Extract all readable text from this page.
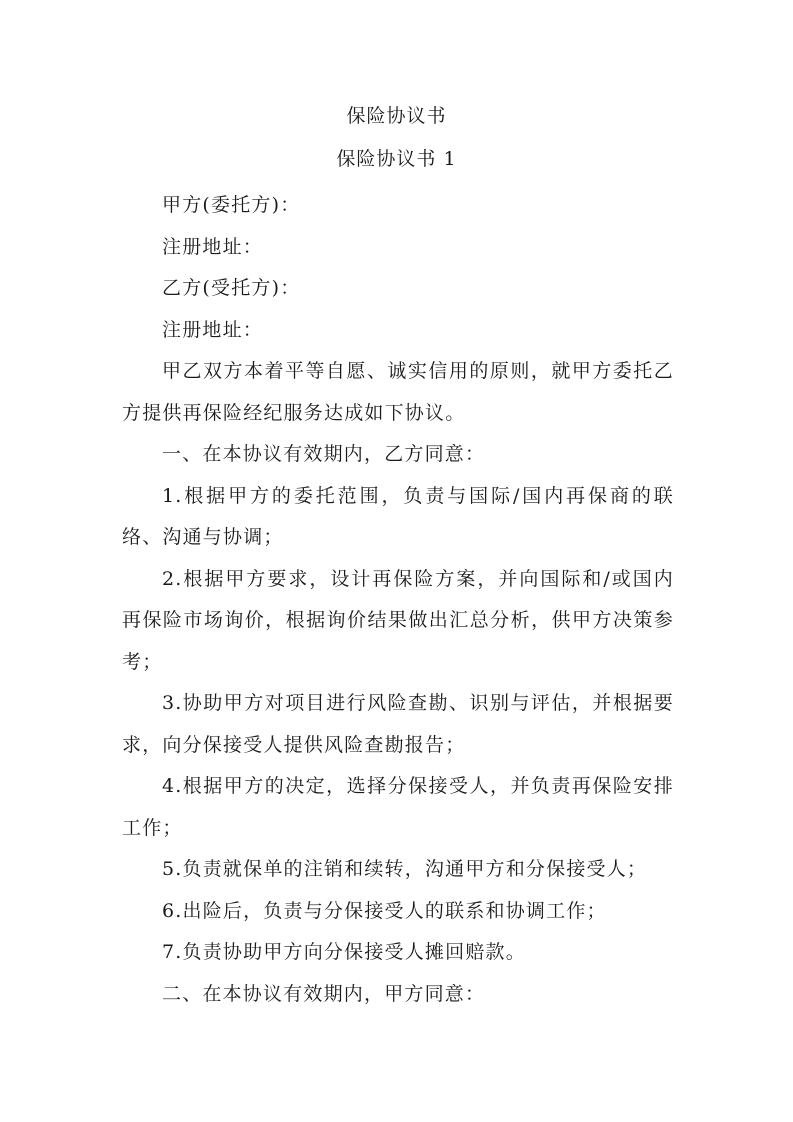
保险协议书
保险协议书 1

甲方(委托方)：

注册地址：

乙方(受托方)：

注册地址：

甲乙双方本着平等自愿、诚实信用的原则，就甲方委托乙方提供再保险经纪服务达成如下协议。

一、在本协议有效期内，乙方同意：

1.根据甲方的委托范围，负责与国际/国内再保商的联络、沟通与协调；

2.根据甲方要求，设计再保险方案，并向国际和/或国内再保险市场询价，根据询价结果做出汇总分析，供甲方决策参考；

3.协助甲方对项目进行风险查勘、识别与评估，并根据要求，向分保接受人提供风险查勘报告；

4.根据甲方的决定，选择分保接受人，并负责再保险安排工作；

5.负责就保单的注销和续转，沟通甲方和分保接受人；

6.出险后，负责与分保接受人的联系和协调工作；

7.负责协助甲方向分保接受人摊回赔款。

二、在本协议有效期内，甲方同意：
